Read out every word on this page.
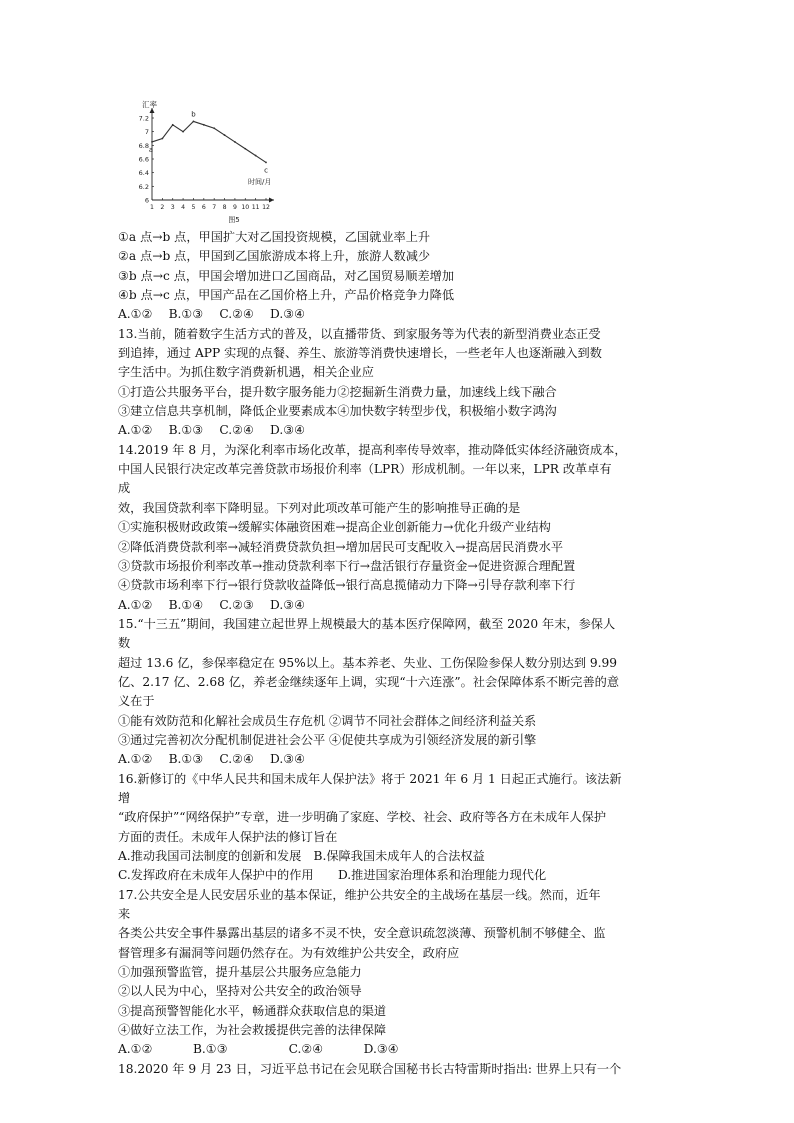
汇率
6
6.2
6.4
6.6
6.8
7
7.2
1 2 3 4 5 6 7 8 9 10 11 12
时间/月
a
b
c
图5

①a 点→b 点，甲国扩大对乙国投资规模，乙国就业率上升

②a 点→b 点，甲国到乙国旅游成本将上升，旅游人数减少

③b 点→c 点，甲国会增加进口乙国商品，对乙国贸易顺差增加

④b 点→c 点，甲国产品在乙国价格上升，产品价格竞争力降低

A.①②　 B.①③　 C.②④　 D.③④

13.当前，随着数字生活方式的普及，以直播带货、到家服务等为代表的新型消费业态正受

到追捧，通过 APP 实现的点餐、养生、旅游等消费快速增长，一些老年人也逐渐融入到数

字生活中。为抓住数字消费新机遇，相关企业应

①打造公共服务平台，提升数字服务能力②挖掘新生消费力量，加速线上线下融合

③建立信息共享机制，降低企业要素成本④加快数字转型步伐，积极缩小数字鸿沟

A.①②　 B.①③　 C.②④　 D.③④

14.2019 年 8 月，为深化利率市场化改革，提高利率传导效率，推动降低实体经济融资成本，

中国人民银行决定改革完善贷款市场报价利率（LPR）形成机制。一年以来，LPR 改革卓有

成

效，我国贷款利率下降明显。下列对此项改革可能产生的影响推导正确的是

①实施积极财政政策→缓解实体融资困难→提高企业创新能力→优化升级产业结构

②降低消费贷款利率→减轻消费贷款负担→增加居民可支配收入→提高居民消费水平

③贷款市场报价利率改革→推动贷款利率下行→盘活银行存量资金→促进资源合理配置

④贷款市场利率下行→银行贷款收益降低→银行高息揽储动力下降→引导存款利率下行

A.①②　 B.①④　 C.②③　 D.③④

15.“十三五”期间，我国建立起世界上规模最大的基本医疗保障网，截至 2020 年末，参保人

数

超过 13.6 亿，参保率稳定在 95%以上。基本养老、失业、工伤保险参保人数分别达到 9.99

亿、2.17 亿、2.68 亿，养老金继续逐年上调，实现“十六连涨”。社会保障体系不断完善的意

义在于

①能有效防范和化解社会成员生存危机 ②调节不同社会群体之间经济利益关系

③通过完善初次分配机制促进社会公平 ④促使共享成为引领经济发展的新引擎

A.①②　 B.①③　 C.②④　 D.③④

16.新修订的《中华人民共和国未成年人保护法》将于 2021 年 6 月 1 日起正式施行。该法新

增

“政府保护”“网络保护”专章，进一步明确了家庭、学校、社会、政府等各方在未成年人保护

方面的责任。未成年人保护法的修订旨在

A.推动我国司法制度的创新和发展　B.保障我国未成年人的合法权益

C.发挥政府在未成年人保护中的作用　　D.推进国家治理体系和治理能力现代化

17.公共安全是人民安居乐业的基本保证，维护公共安全的主战场在基层一线。然而，近年

来

各类公共安全事件暴露出基层的诸多不灵不快，安全意识疏忽淡薄、预警机制不够健全、监

督管理多有漏洞等问题仍然存在。为有效维护公共安全，政府应

①加强预警监管，提升基层公共服务应急能力

②以人民为中心，坚持对公共安全的政治领导

③提高预警智能化水平，畅通群众获取信息的渠道

④做好立法工作，为社会救援提供完善的法律保障

A.①②　　　 B.①③　　　　　C.②④　　　 D.③④

18.2020 年 9 月 23 日，习近平总书记在会见联合国秘书长古特雷斯时指出: 世界上只有一个
